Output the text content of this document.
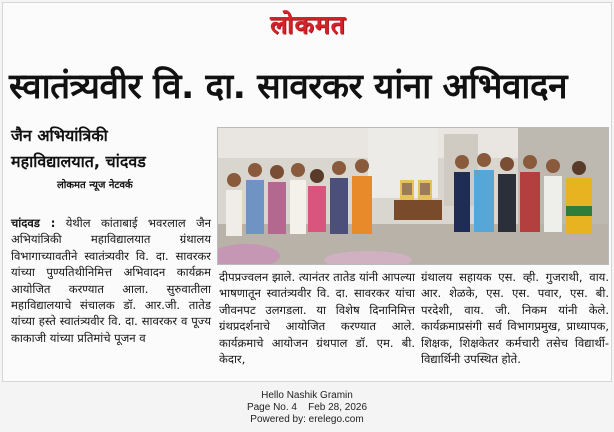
लोकमत
स्वातंत्र्यवीर वि. दा. सावरकर यांना अभिवादन
जैन अभियांत्रिकी
महाविद्यालयात, चांदवड
लोकमत न्यूज नेटवर्क

चांदवड : येथील कांताबाई भवरलाल जैन अभियांत्रिकी महाविद्यालयात ग्रंथालय विभागाच्यावतीने स्वातंत्र्यवीर वि. दा. सावरकर यांच्या पुण्यतिथीनिमित्त अभिवादन कार्यक्रम आयोजित करण्यात आला. सुरुवातीला महाविद्यालयाचे संचालक डॉ. आर.जी. तातेड यांच्या हस्ते स्वातंत्र्यवीर वि. दा. सावरकर व पूज्य काकाजी यांच्या प्रतिमांचे पूजन व

दीपप्रज्वलन झाले. त्यानंतर तातेड यांनी आपल्या भाषणातून स्वातंत्र्यवीर वि. दा. सावरकर यांचा जीवनपट उलगडला. या विशेष दिनानिमित्त ग्रंथप्रदर्शनाचे आयोजित करण्यात आले. कार्यक्रमाचे आयोजन ग्रंथपाल डॉ. एम. बी. केदार,

ग्रंथालय सहायक एस. व्ही. गुजराथी, वाय. आर. शेळके, एस. एस. पवार, एस. बी. परदेशी, वाय. जी. निकम यांनी केले. कार्यक्रमाप्रसंगी सर्व विभागप्रमुख, प्राध्यापक, शिक्षक, शिक्षकेतर कर्मचारी तसेच विद्यार्थी-विद्यार्थिनी उपस्थित होते.

Hello Nashik Gramin
Page No. 4 Feb 28, 2026
Powered by: erelego.com
